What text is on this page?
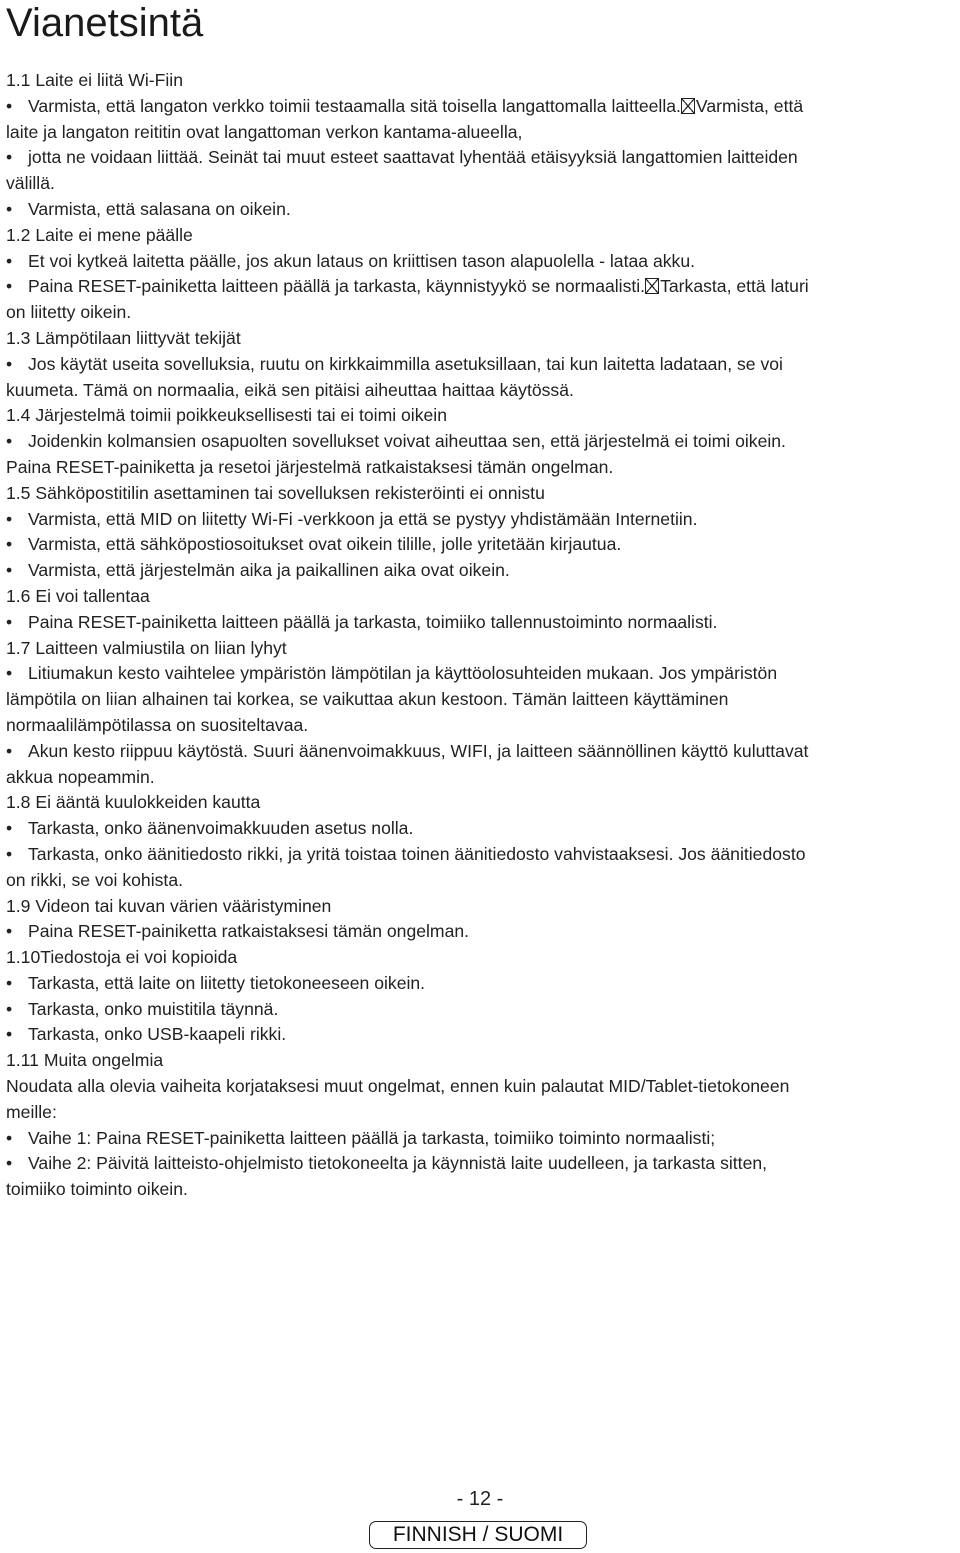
Vianetsintä
1.1 Laite ei liitä Wi-Fiin
• Varmista, että langaton verkko toimii testaamalla sitä toisella langattomalla laitteella. Varmista, että
laite ja langaton reititin ovat langattoman verkon kantama-alueella,
• jotta ne voidaan liittää. Seinät tai muut esteet saattavat lyhentää etäisyyksiä langattomien laitteiden
välillä.
• Varmista, että salasana on oikein.
1.2 Laite ei mene päälle
• Et voi kytkeä laitetta päälle, jos akun lataus on kriittisen tason alapuolella - lataa akku.
• Paina RESET-painiketta laitteen päällä ja tarkasta, käynnistyykö se normaalisti. Tarkasta, että laturi
on liitetty oikein.
1.3 Lämpötilaan liittyvät tekijät
• Jos käytät useita sovelluksia, ruutu on kirkkaimmilla asetuksillaan, tai kun laitetta ladataan, se voi
kuumeta. Tämä on normaalia, eikä sen pitäisi aiheuttaa haittaa käytössä.
1.4 Järjestelmä toimii poikkeuksellisesti tai ei toimi oikein
• Joidenkin kolmansien osapuolten sovellukset voivat aiheuttaa sen, että järjestelmä ei toimi oikein.
Paina RESET-painiketta ja resetoi järjestelmä ratkaistaksesi tämän ongelman.
1.5 Sähköpostitilin asettaminen tai sovelluksen rekisteröinti ei onnistu
• Varmista, että MID on liitetty Wi-Fi -verkkoon ja että se pystyy yhdistämään Internetiin.
• Varmista, että sähköpostiosoitukset ovat oikein tilille, jolle yritetään kirjautua.
• Varmista, että järjestelmän aika ja paikallinen aika ovat oikein.
1.6 Ei voi tallentaa
• Paina RESET-painiketta laitteen päällä ja tarkasta, toimiiko tallennustoiminto normaalisti.
1.7 Laitteen valmiustila on liian lyhyt
• Litiumakun kesto vaihtelee ympäristön lämpötilan ja käyttöolosuhteiden mukaan. Jos ympäristön
lämpötila on liian alhainen tai korkea, se vaikuttaa akun kestoon. Tämän laitteen käyttäminen
normaalilämpötilassa on suositeltavaa.
• Akun kesto riippuu käytöstä. Suuri äänenvoimakkuus, WIFI, ja laitteen säännöllinen käyttö kuluttavat
akkua nopeammin.
1.8 Ei ääntä kuulokkeiden kautta
• Tarkasta, onko äänenvoimakkuuden asetus nolla.
• Tarkasta, onko äänitiedosto rikki, ja yritä toistaa toinen äänitiedosto vahvistaaksesi. Jos äänitiedosto
on rikki, se voi kohista.
1.9 Videon tai kuvan värien vääristyminen
• Paina RESET-painiketta ratkaistaksesi tämän ongelman.
1.10Tiedostoja ei voi kopioida
• Tarkasta, että laite on liitetty tietokoneeseen oikein.
• Tarkasta, onko muistitila täynnä.
• Tarkasta, onko USB-kaapeli rikki.
1.11 Muita ongelmia
Noudata alla olevia vaiheita korjataksesi muut ongelmat, ennen kuin palautat MID/Tablet-tietokoneen
meille:
• Vaihe 1: Paina RESET-painiketta laitteen päällä ja tarkasta, toimiiko toiminto normaalisti;
• Vaihe 2: Päivitä laitteisto-ohjelmisto tietokoneelta ja käynnistä laite uudelleen, ja tarkasta sitten,
toimiiko toiminto oikein.
- 12 -
FINNISH / SUOMI
